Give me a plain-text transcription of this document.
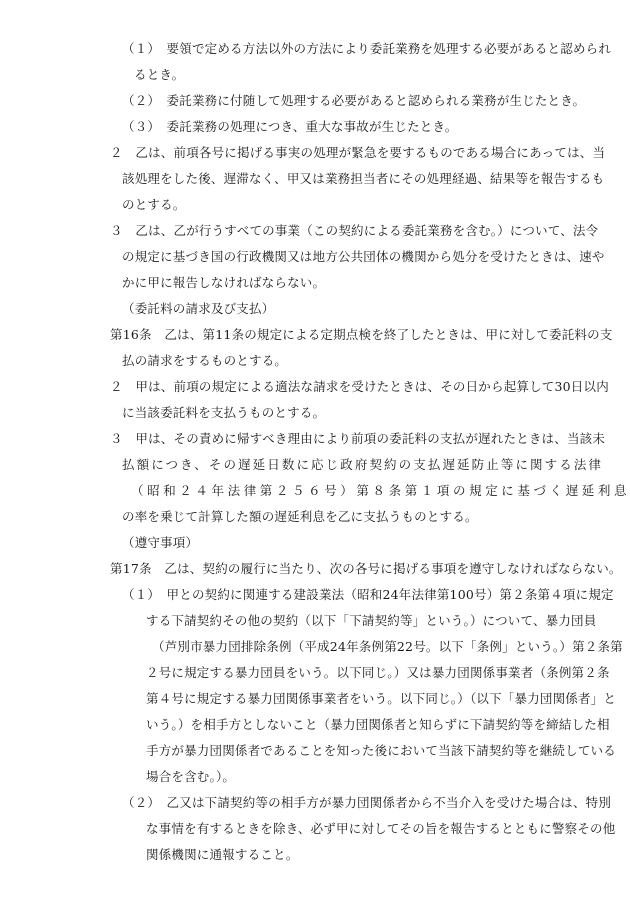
（１）　要領で定める方法以外の方法により委託業務を処理する必要があると認められ
るとき。
（２）　委託業務に付随して処理する必要があると認められる業務が生じたとき。
（３）　委託業務の処理につき、重大な事故が生じたとき。
２　乙は、前項各号に掲げる事実の処理が緊急を要するものである場合にあっては、当
該処理をした後、遅滞なく、甲又は業務担当者にその処理経過、結果等を報告するも
のとする。
３　乙は、乙が行うすべての事業（この契約による委託業務を含む。）について、法令
の規定に基づき国の行政機関又は地方公共団体の機関から処分を受けたときは、速や
かに甲に報告しなければならない。
（委託料の請求及び支払）
第16条　乙は、第11条の規定による定期点検を終了したときは、甲に対して委託料の支
払の請求をするものとする。
２　甲は、前項の規定による適法な請求を受けたときは、その日から起算して30日以内
に当該委託料を支払うものとする。
３　甲は、その責めに帰すべき理由により前項の委託料の支払が遅れたときは、当該未
払額につき、その遅延日数に応じ政府契約の支払遅延防止等に関する法律
（昭和２４年法律第２５６号）第８条第１項の規定に基づく遅延利息
の率を乗じて計算した額の遅延利息を乙に支払うものとする。
（遵守事項）
第17条　乙は、契約の履行に当たり、次の各号に掲げる事項を遵守しなければならない。
（１）　甲との契約に関連する建設業法（昭和24年法律第100号）第２条第４項に規定
する下請契約その他の契約（以下「下請契約等」という。）について、暴力団員
（芦別市暴力団排除条例（平成24年条例第22号。以下「条例」という。）第２条第
２号に規定する暴力団員をいう。以下同じ。）又は暴力団関係事業者（条例第２条
第４号に規定する暴力団関係事業者をいう。以下同じ。）（以下「暴力団関係者」と
いう。）を相手方としないこと（暴力団関係者と知らずに下請契約等を締結した相
手方が暴力団関係者であることを知った後において当該下請契約等を継続している
場合を含む。）。
（２）　乙又は下請契約等の相手方が暴力団関係者から不当介入を受けた場合は、特別
な事情を有するときを除き、必ず甲に対してその旨を報告するとともに警察その他
関係機関に通報すること。
